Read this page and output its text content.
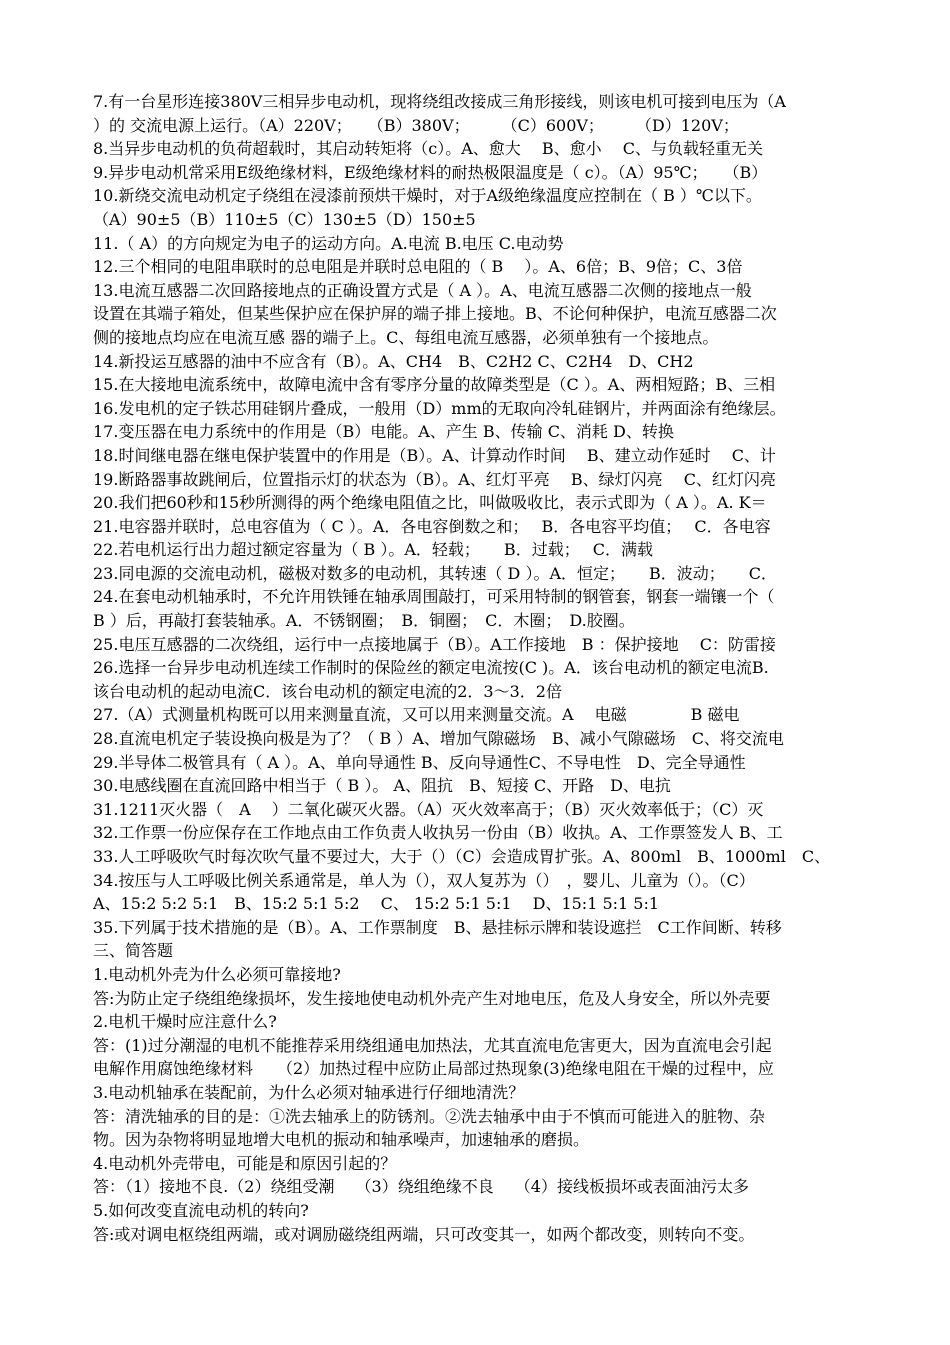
7.有一台星形连接380V三相异步电动机，现将绕组改接成三角形接线，则该电机可接到电压为（A
）的 交流电源上运行。（A）220V；　　（B）380V；　　　（C）600V；　　　（D）120V；
8.当异步电动机的负荷超载时，其启动转矩将（c）。A、愈大　 B、愈小　 C、与负载轻重无关
9.异步电动机常采用E级绝缘材料，E级绝缘材料的耐热极限温度是（ c）。（A）95℃；　　（B）
10.新绕交流电动机定子绕组在浸漆前预烘干燥时，对于A级绝缘温度应控制在（ B ）℃以下。
（A）90±5（B）110±5（C）130±5（D）150±5
11.（ A）的方向规定为电子的运动方向。A.电流 B.电压 C.电动势
12.三个相同的电阻串联时的总电阻是并联时总电阻的（ B　 ）。A、6倍；B、9倍；C、3倍
13.电流互感器二次回路接地点的正确设置方式是（ A ）。A、电流互感器二次侧的接地点一般
设置在其端子箱处，但某些保护应在保护屏的端子排上接地。B、不论何种保护，电流互感器二次
侧的接地点均应在电流互感 器的端子上。C、每组电流互感器，必须单独有一个接地点。
14.新投运互感器的油中不应含有（B）。A、CH4　B、C2H2 C、C2H4　D、CH2
15.在大接地电流系统中，故障电流中含有零序分量的故障类型是（C ）。A、两相短路；B、三相
16.发电机的定子铁芯用硅钢片叠成，一般用（D）mm的无取向冷轧硅钢片，并两面涂有绝缘层。
17.变压器在电力系统中的作用是（B）电能。A、产生 B、传输 C、消耗 D、转换
18.时间继电器在继电保护装置中的作用是（B）。A、计算动作时间　 B、建立动作延时　 C、计
19.断路器事故跳闸后，位置指示灯的状态为（B）。A、红灯平亮　 B、绿灯闪亮　 C、红灯闪亮
20.我们把60秒和15秒所测得的两个绝缘电阻值之比，叫做吸收比，表示式即为（ A ）。A. K＝
21.电容器并联时，总电容值为（ C ）。A．各电容倒数之和；　 B．各电容平均值；　 C．各电容
22.若电机运行出力超过额定容量为（ B ）。A．轻载；　　B．过载；　 C．满载
23.同电源的交流电动机，磁极对数多的电动机，其转速（ D ）。A．恒定；　　B．波动；　　C．
24.在套电动机轴承时，不允许用铁锤在轴承周围敲打，可采用特制的钢管套，钢套一端镶一个（
B ）后，再敲打套装轴承。A．不锈钢圈；　B．铜圈；　C．木圈；　D.胶圈。
25.电压互感器的二次绕组，运行中一点接地属于（B）。A工作接地　B ：保护接地　 C：防雷接
26.选择一台异步电动机连续工作制时的保险丝的额定电流按(C )。A．该台电动机的额定电流B.
该台电动机的起动电流C．该台电动机的额定电流的2．3～3．2倍
27.（A）式测量机构既可以用来测量直流，又可以用来测量交流。A　 电磁　　　　B 磁电
28.直流电机定子装设换向极是为了？（ B ）A、增加气隙磁场　B、减小气隙磁场　C、将交流电
29.半导体二极管具有（ A ）。A、单向导通性 B、反向导通性C、不导电性　D、完全导通性
30.电感线圈在直流回路中相当于（ B ）。 A、阻抗　B、短接 C、开路　D、电抗
31.1211灭火器（　A　 ）二氧化碳灭火器。（A）灭火效率高于；（B）灭火效率低于；（C）灭
32.工作票一份应保存在工作地点由工作负责人收执另一份由（B）收执。A、工作票签发人 B、工
33.人工呼吸吹气时每次吹气量不要过大，大于（）（C）会造成胃扩张。A、800ml　B、1000ml　C、
34.按压与人工呼吸比例关系通常是，单人为（），双人复苏为（）　，婴儿、儿童为（）。（C）
A、15:2 5:2 5:1　B、15:2 5:1 5:2　 C、 15:2 5:1 5:1　 D、15:1 5:1 5:1
35.下列属于技术措施的是（B）。A、工作票制度　B、悬挂标示牌和装设遮拦　C工作间断、转移
三、简答题
1.电动机外壳为什么必须可靠接地?
答:为防止定子绕组绝缘损坏，发生接地使电动机外壳产生对地电压，危及人身安全，所以外壳要
2.电机干燥时应注意什么?
答：(1)过分潮湿的电机不能推荐采用绕组通电加热法，尤其直流电危害更大，因为直流电会引起
电解作用腐蚀绝缘材料　　（2）加热过程中应防止局部过热现象(3)绝缘电阻在干燥的过程中，应
3.电动机轴承在装配前，为什么必须对轴承进行仔细地清洗？
答：清洗轴承的目的是：①洗去轴承上的防锈剂。②洗去轴承中由于不慎而可能进入的脏物、杂
物。因为杂物将明显地增大电机的振动和轴承噪声，加速轴承的磨损。
4.电动机外壳带电，可能是和原因引起的？
答：（1）接地不良.（2）绕组受潮　 （3）绕组绝缘不良　 （4）接线板损坏或表面油污太多
5.如何改变直流电动机的转向?
答:或对调电枢绕组两端，或对调励磁绕组两端，只可改变其一，如两个都改变，则转向不变。
